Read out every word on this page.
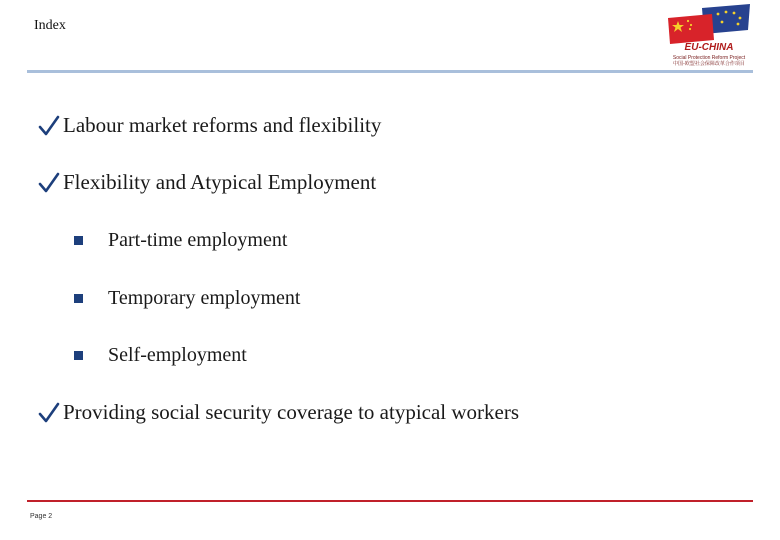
Index
EU-CHINA
Social Protection Reform Project
中国-欧盟社会保障改革合作项目
Labour market reforms and flexibility
Flexibility and Atypical Employment
Part-time employment
Temporary employment
Self-employment
Providing social security coverage to atypical workers
Page 2
